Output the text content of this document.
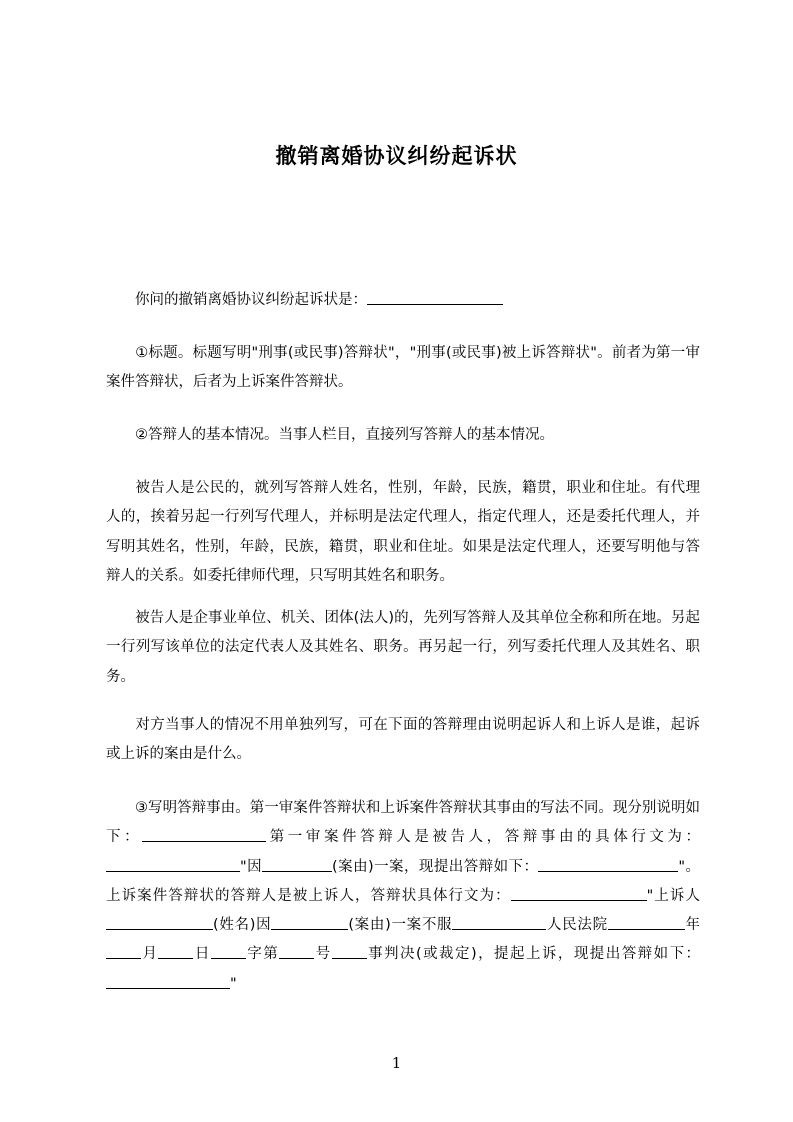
撤销离婚协议纠纷起诉状

你问的撤销离婚协议纠纷起诉状是：

①标题。标题写明"刑事(或民事)答辩状"，"刑事(或民事)被上诉答辩状"。前者为第一审案件答辩状，后者为上诉案件答辩状。

②答辩人的基本情况。当事人栏目，直接列写答辩人的基本情况。

被告人是公民的，就列写答辩人姓名，性别，年龄，民族，籍贯，职业和住址。有代理人的，挨着另起一行列写代理人，并标明是法定代理人，指定代理人，还是委托代理人，并写明其姓名，性别，年龄，民族，籍贯，职业和住址。如果是法定代理人，还要写明他与答辩人的关系。如委托律师代理，只写明其姓名和职务。

被告人是企事业单位、机关、团体(法人)的，先列写答辩人及其单位全称和所在地。另起一行列写该单位的法定代表人及其姓名、职务。再另起一行，列写委托代理人及其姓名、职务。

对方当事人的情况不用单独列写，可在下面的答辩理由说明起诉人和上诉人是谁，起诉或上诉的案由是什么。

③写明答辩事由。第一审案件答辩状和上诉案件答辩状其事由的写法不同。现分别说明如下：	第一审案件答辩人是被告人，答辩事由的具体行文为："因	(案由)一案，现提出答辩如下：	"。上诉案件答辩状的答辩人是被上诉人，答辩状具体行文为：	"上诉人(姓名)因	(案由)一案不服	人民法院	年月 日 字第 号 事判决(或裁定)，提起上诉，现提出答辩如下："

1
